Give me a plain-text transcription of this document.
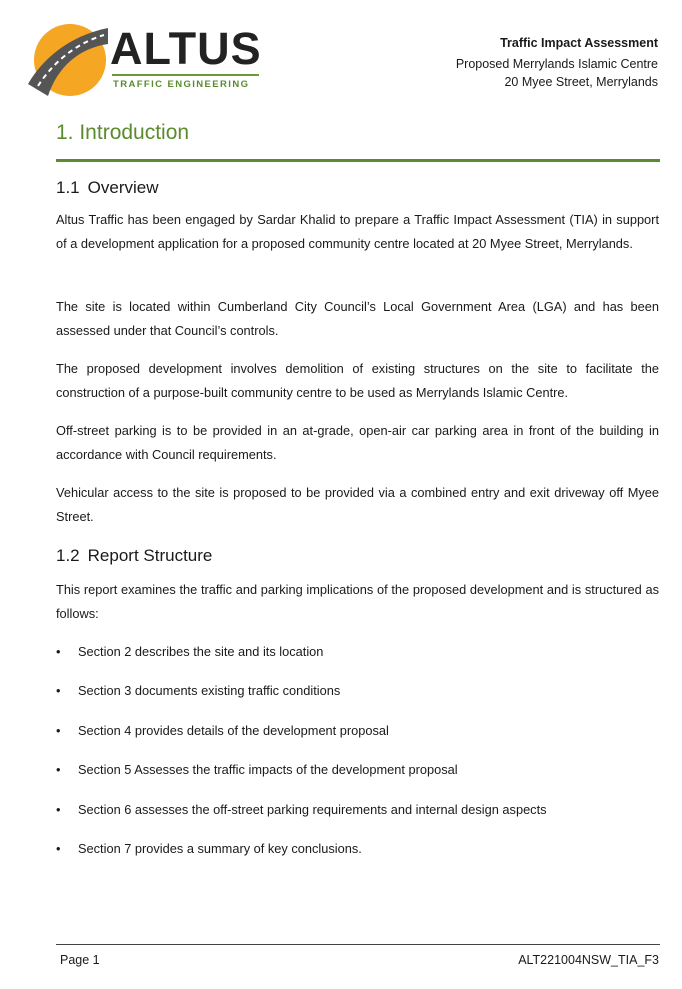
ALTUS
TRAFFIC ENGINEERING
Traffic Impact Assessment
Proposed Merrylands Islamic Centre
20 Myee Street, Merrylands
1. Introduction
1.1 Overview

Altus Traffic has been engaged by Sardar Khalid to prepare a Traffic Impact Assessment (TIA) in support of a development application for a proposed community centre located at 20 Myee Street, Merrylands.

The site is located within Cumberland City Council’s Local Government Area (LGA) and has been assessed under that Council’s controls.

The proposed development involves demolition of existing structures on the site to facilitate the construction of a purpose-built community centre to be used as Merrylands Islamic Centre.

Off-street parking is to be provided in an at-grade, open-air car parking area in front of the building in accordance with Council requirements.

Vehicular access to the site is proposed to be provided via a combined entry and exit driveway off Myee Street.

1.2 Report Structure

This report examines the traffic and parking implications of the proposed development and is structured as follows:

• Section 2 describes the site and its location
• Section 3 documents existing traffic conditions
• Section 4 provides details of the development proposal
• Section 5 Assesses the traffic impacts of the development proposal
• Section 6 assesses the off-street parking requirements and internal design aspects
• Section 7 provides a summary of key conclusions.
Page 1	ALT221004NSW_TIA_F3
